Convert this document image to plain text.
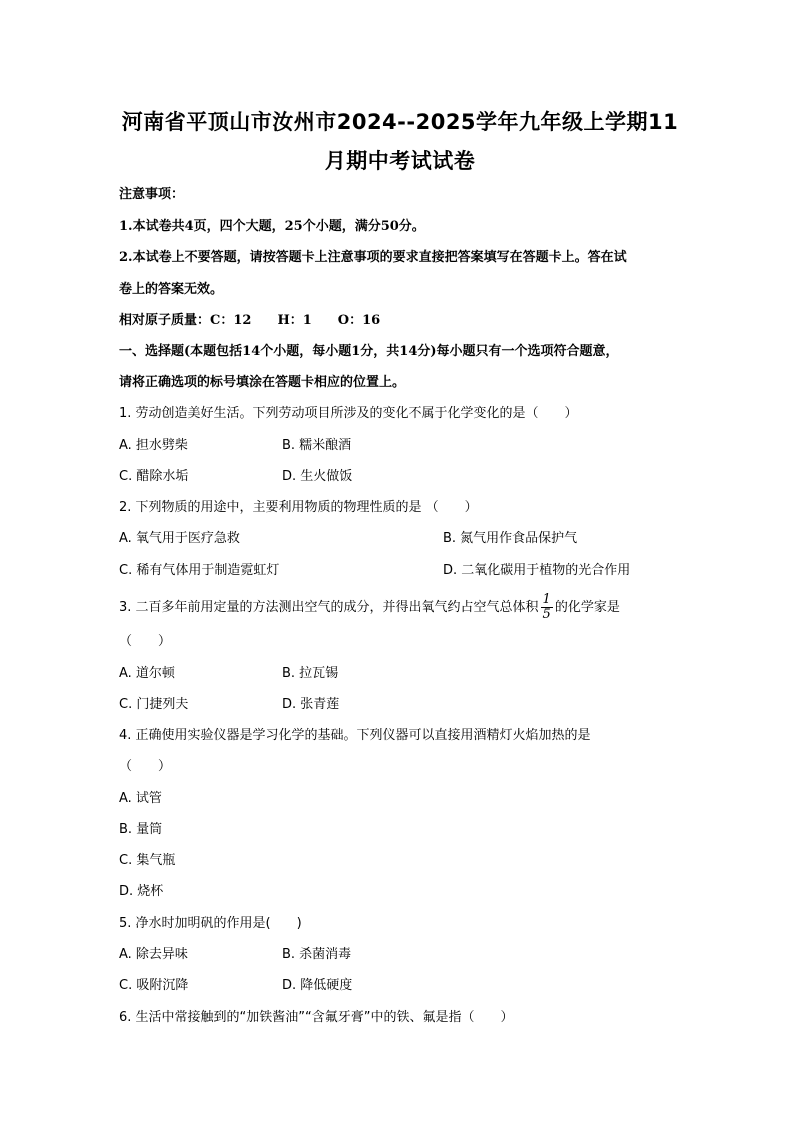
河南省平顶山市汝州市2024--2025学年九年级上学期11
月期中考试试卷
注意事项：
1.本试卷共4页，四个大题，25个小题，满分50分。
2.本试卷上不要答题，请按答题卡上注意事项的要求直接把答案填写在答题卡上。答在试
卷上的答案无效。
相对原子质量：C：12　　H：1　　O：16
一、选择题(本题包括14个小题，每小题1分，共14分)每小题只有一个选项符合题意，
请将正确选项的标号填涂在答题卡相应的位置上。
1. 劳动创造美好生活。下列劳动项目所涉及的变化不属于化学变化的是（　　）
A. 担水劈柴	B. 糯米酿酒
C. 醋除水垢	D. 生火做饭
2. 下列物质的用途中，主要利用物质的物理性质的是 （　　）
A. 氧气用于医疗急救	B. 氮气用作食品保护气
C. 稀有气体用于制造霓虹灯	D. 二氧化碳用于植物的光合作用
3. 二百多年前用定量的方法测出空气的成分，并得出氧气约占空气总体积 $\frac{1}{5}$ 的化学家是
（　　）
A. 道尔顿	B. 拉瓦锡
C. 门捷列夫	D. 张青莲
4. 正确使用实验仪器是学习化学的基础。下列仪器可以直接用酒精灯火焰加热的是
（　　）
A. 试管
B. 量筒
C. 集气瓶
D. 烧杯
5. 净水时加明矾的作用是(　　)
A. 除去异味	B. 杀菌消毒
C. 吸附沉降	D. 降低硬度
6. 生活中常接触到的“加铁酱油”“含氟牙膏”中的铁、氟是指（　　）
